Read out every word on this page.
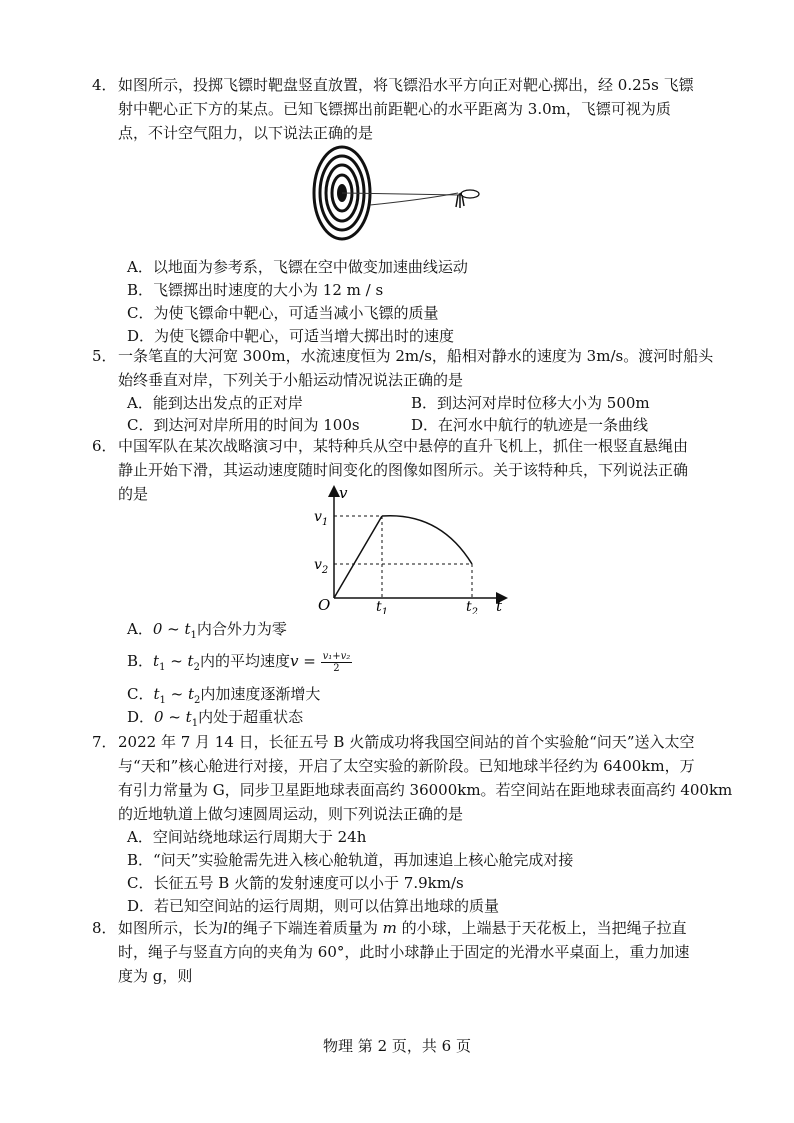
4． 如图所示，投掷飞镖时靶盘竖直放置，将飞镖沿水平方向正对靶心掷出，经 0.25s 飞镖
射中靶心正下方的某点。已知飞镖掷出前距靶心的水平距离为 3.0m，飞镖可视为质
点，不计空气阻力，以下说法正确的是
A．以地面为参考系，飞镖在空中做变加速曲线运动
B．飞镖掷出时速度的大小为 12 m / s
C．为使飞镖命中靶心，可适当减小飞镖的质量
D．为使飞镖命中靶心，可适当增大掷出时的速度
5． 一条笔直的大河宽 300m，水流速度恒为 2m/s，船相对静水的速度为 3m/s。渡河时船头
始终垂直对岸，下列关于小船运动情况说法正确的是
A．能到达出发点的正对岸	B．到达河对岸时位移大小为 500m
C．到达河对岸所用的时间为 100s	D．在河水中航行的轨迹是一条曲线
6． 中国军队在某次战略演习中，某特种兵从空中悬停的直升飞机上，抓住一根竖直悬绳由
静止开始下滑，其运动速度随时间变化的图像如图所示。关于该特种兵，下列说法正确
的是	v
t
O
$v_1$
$v_2$
$t_1$	$t_2$
A．0 ~ $t_1$内合外力为零
B．$t_1$ ~ $t_2$内的平均速度$v = \frac{\text{v₁+v₂}}{2}$
C．$t_1$ ~ $t_2$内加速度逐渐增大
D．0 ~ $t_1$内处于超重状态
7． 2022 年 7 月 14 日，长征五号 B 火箭成功将我国空间站的首个实验舱“问天”送入太空
与“天和”核心舱进行对接，开启了太空实验的新阶段。已知地球半径约为 6400km，万
有引力常量为 G，同步卫星距地球表面高约 36000km。若空间站在距地球表面高约 400km
的近地轨道上做匀速圆周运动，则下列说法正确的是
A．空间站绕地球运行周期大于 24h
B．“问天”实验舱需先进入核心舱轨道，再加速追上核心舱完成对接
C．长征五号 B 火箭的发射速度可以小于 7.9km/s
D．若已知空间站的运行周期，则可以估算出地球的质量
8． 如图所示，长为l的绳子下端连着质量为 m 的小球，上端悬于天花板上，当把绳子拉直
时，绳子与竖直方向的夹角为 60°，此时小球静止于固定的光滑水平桌面上，重力加速
度为 g，则
物理 第 2 页，共 6 页
